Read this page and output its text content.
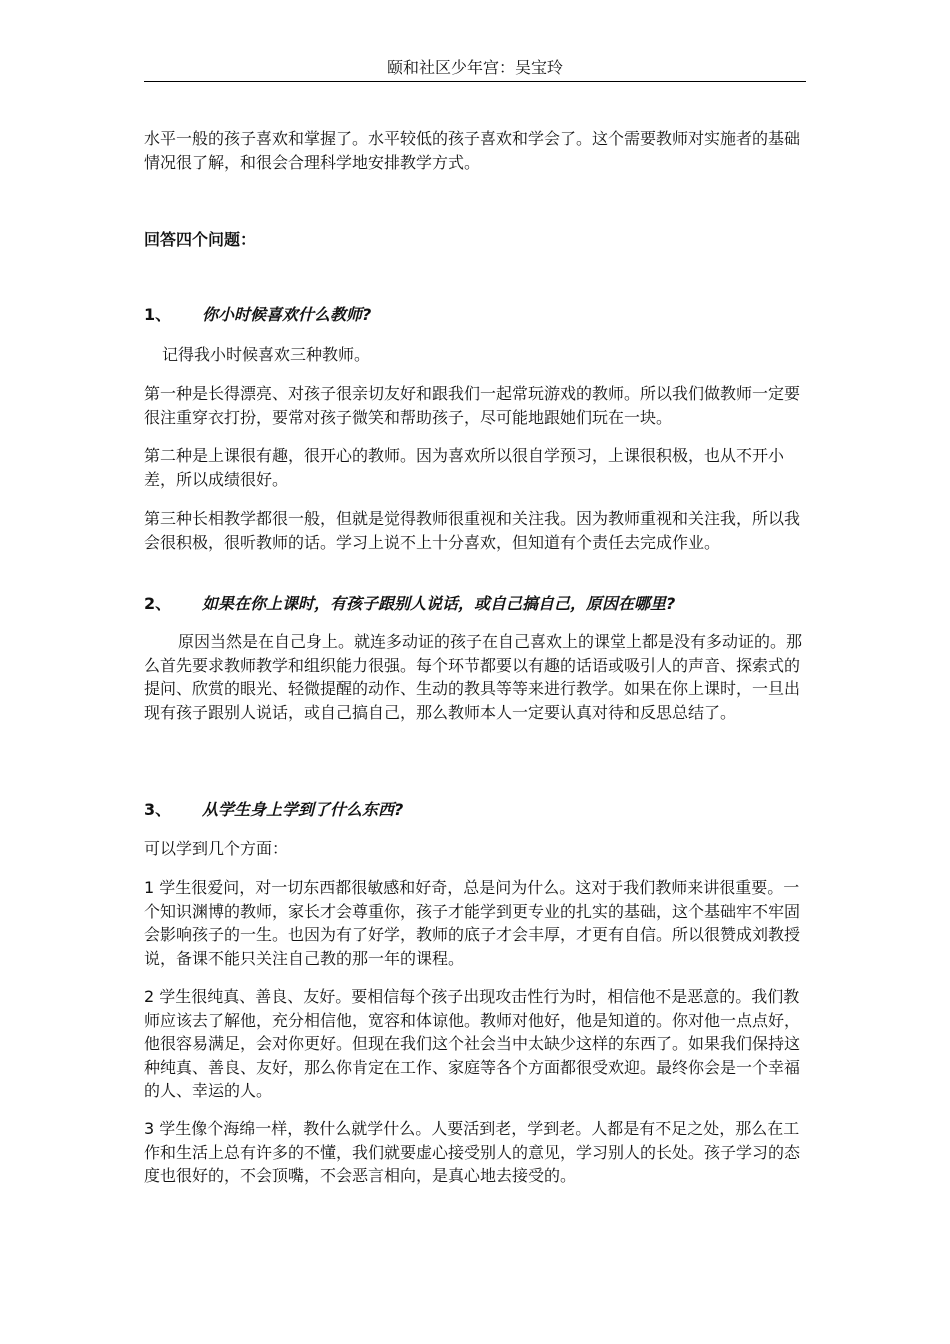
颐和社区少年宫：吴宝玲

水平一般的孩子喜欢和掌握了。水平较低的孩子喜欢和学会了。这个需要教师对实施者的基础情况很了解，和很会合理科学地安排教学方式。

回答四个问题：

1、 你小时候喜欢什么教师?

记得我小时候喜欢三种教师。

第一种是长得漂亮、对孩子很亲切友好和跟我们一起常玩游戏的教师。所以我们做教师一定要很注重穿衣打扮，要常对孩子微笑和帮助孩子，尽可能地跟她们玩在一块。

第二种是上课很有趣，很开心的教师。因为喜欢所以很自学预习，上课很积极，也从不开小差，所以成绩很好。

第三种长相教学都很一般，但就是觉得教师很重视和关注我。因为教师重视和关注我，所以我会很积极，很听教师的话。学习上说不上十分喜欢，但知道有个责任去完成作业。

2、 如果在你上课时，有孩子跟别人说话，或自己搞自己，原因在哪里?

原因当然是在自己身上。就连多动证的孩子在自己喜欢上的课堂上都是没有多动证的。那么首先要求教师教学和组织能力很强。每个环节都要以有趣的话语或吸引人的声音、探索式的提问、欣赏的眼光、轻微提醒的动作、生动的教具等等来进行教学。如果在你上课时，一旦出现有孩子跟别人说话，或自己搞自己，那么教师本人一定要认真对待和反思总结了。

3、 从学生身上学到了什么东西?

可以学到几个方面：

1 学生很爱问，对一切东西都很敏感和好奇，总是问为什么。这对于我们教师来讲很重要。一个知识渊博的教师，家长才会尊重你，孩子才能学到更专业的扎实的基础，这个基础牢不牢固会影响孩子的一生。也因为有了好学，教师的底子才会丰厚，才更有自信。所以很赞成刘教授说，备课不能只关注自己教的那一年的课程。

2 学生很纯真、善良、友好。要相信每个孩子出现攻击性行为时，相信他不是恶意的。我们教师应该去了解他，充分相信他，宽容和体谅他。教师对他好，他是知道的。你对他一点点好，他很容易满足，会对你更好。但现在我们这个社会当中太缺少这样的东西了。如果我们保持这种纯真、善良、友好，那么你肯定在工作、家庭等各个方面都很受欢迎。最终你会是一个幸福的人、幸运的人。

3 学生像个海绵一样，教什么就学什么。人要活到老，学到老。人都是有不足之处，那么在工作和生活上总有许多的不懂，我们就要虚心接受别人的意见，学习别人的长处。孩子学习的态度也很好的，不会顶嘴，不会恶言相向，是真心地去接受的。
